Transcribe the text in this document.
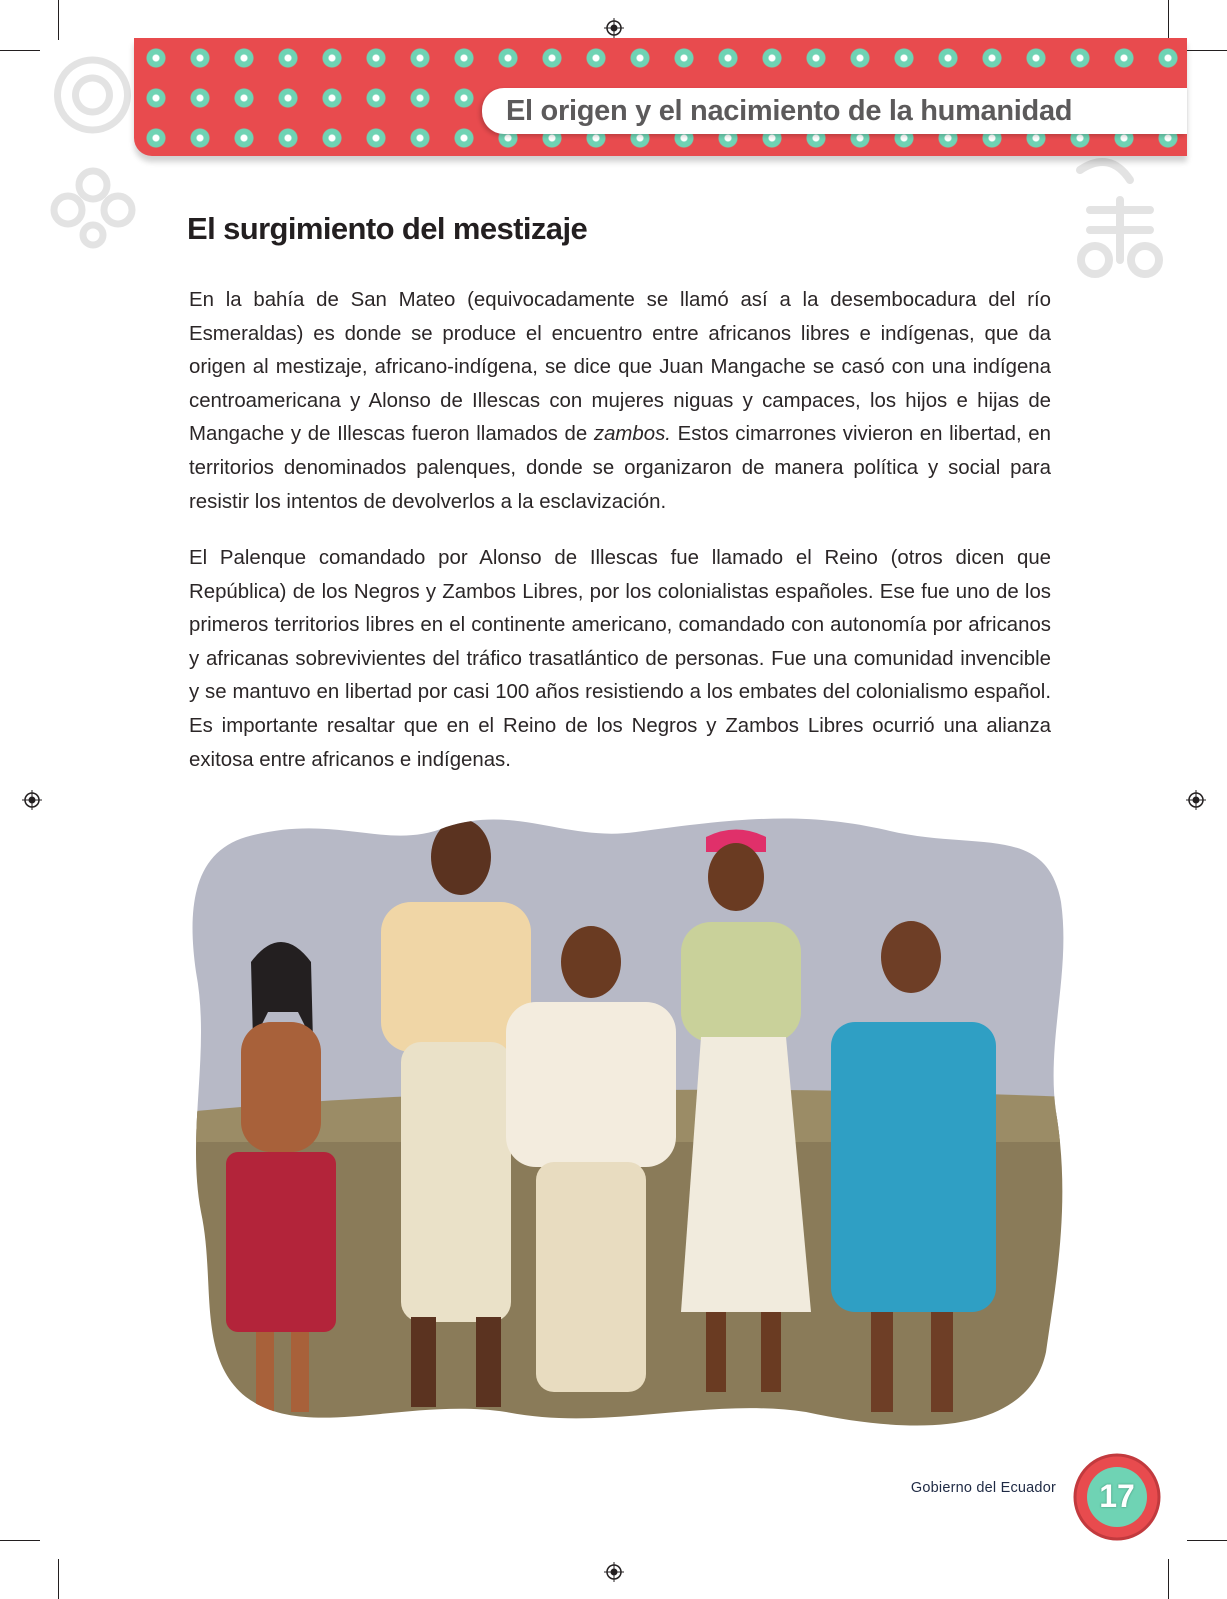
El origen y el nacimiento de la humanidad
El surgimiento del mestizaje

En la bahía de San Mateo (equivocadamente se llamó así a la desembocadura del río Esmeraldas) es donde se produce el encuentro entre africanos libres e indígenas, que da origen al mestizaje, africano-indígena, se dice que Juan Mangache se casó con una indígena centroamericana y Alonso de Illescas con mujeres niguas y campaces, los hijos e hijas de Mangache y de Illescas fueron llamados de zambos. Estos cimarrones vivieron en libertad, en territorios denominados palenques, donde se organizaron de manera política y social para resistir los intentos de devolverlos a la esclavización.

El Palenque comandado por Alonso de Illescas fue llamado el Reino (otros dicen que República) de los Negros y Zambos Libres, por los colonialistas españoles. Ese fue uno de los primeros territorios libres en el continente americano, comandado con autonomía por africanos y africanas sobrevivientes del tráfico trasatlántico de personas. Fue una comunidad invencible y se mantuvo en libertad por casi 100 años resistiendo a los embates del colonialismo español. Es importante resaltar que en el Reino de los Negros y Zambos Libres ocurrió una alianza exitosa entre africanos e indígenas.

Gobierno del Ecuador	17
